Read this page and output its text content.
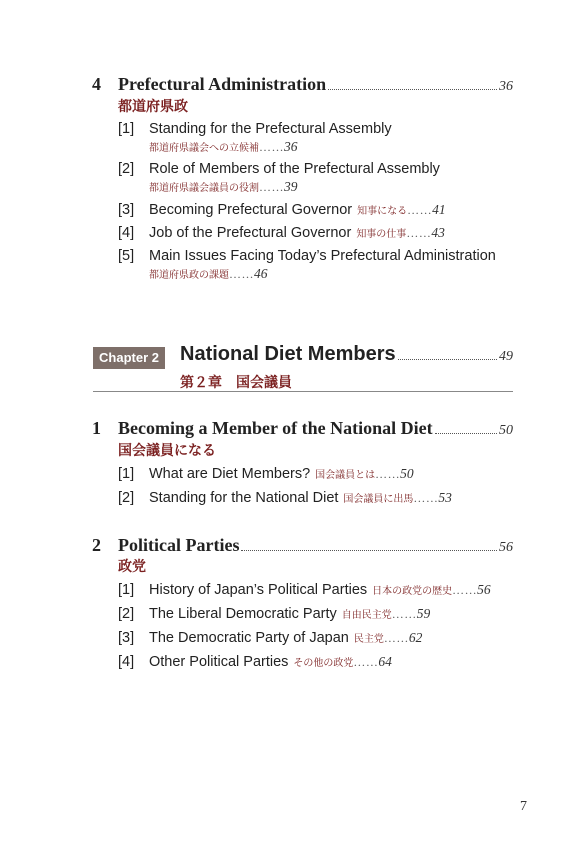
4 Prefectural Administration	36
都道府県政
[1] Standing for the Prefectural Assembly
都道府県議会への立候補……36
[2] Role of Members of the Prefectural Assembly
都道府県議会議員の役割……39
[3] Becoming Prefectural Governor 知事になる……41
[4] Job of the Prefectural Governor 知事の仕事……43
[5] Main Issues Facing Today’s Prefectural Administration
都道府県政の課題……46
Chapter 2	National Diet Members	49
第２章　国会議員
1 Becoming a Member of the National Diet	50
国会議員になる
[1] What are Diet Members? 国会議員とは……50
[2] Standing for the National Diet 国会議員に出馬……53
2 Political Parties	56
政党
[1] History of Japan’s Political Parties 日本の政党の歴史……56
[2] The Liberal Democratic Party 自由民主党……59
[3] The Democratic Party of Japan 民主党……62
[4] Other Political Parties その他の政党……64
7
